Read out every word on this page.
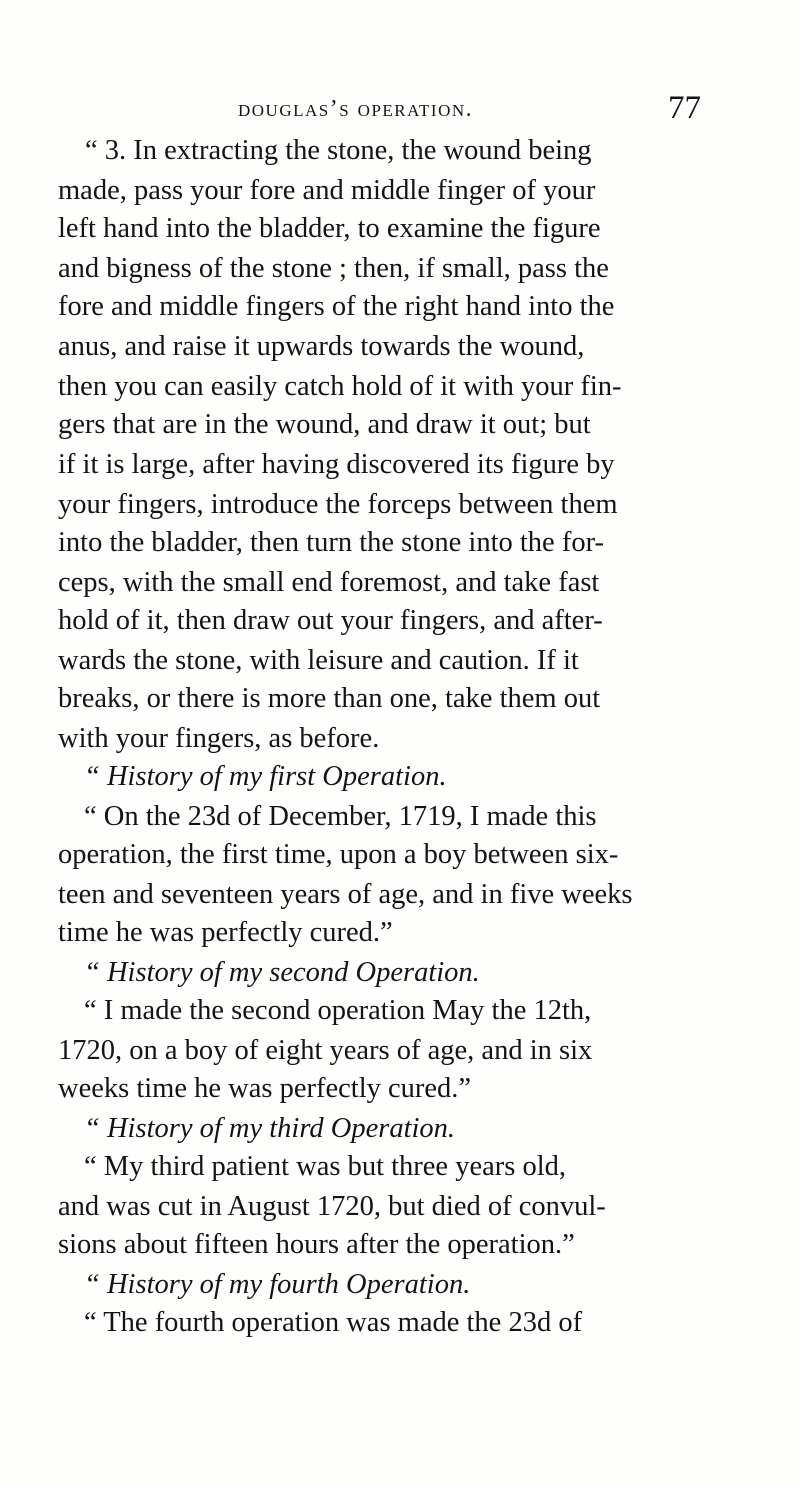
douglas’s operation.	77
“ 3. In extracting the stone, the wound being
made, pass your fore and middle finger of your
left hand into the bladder, to examine the figure
and bigness of the stone ; then, if small, pass the
fore and middle fingers of the right hand into the
anus, and raise it upwards towards the wound,
then you can easily catch hold of it with your fin-
gers that are in the wound, and draw it out; but
if it is large, after having discovered its figure by
your fingers, introduce the forceps between them
into the bladder, then turn the stone into the for-
ceps, with the small end foremost, and take fast
hold of it, then draw out your fingers, and after-
wards the stone, with leisure and caution. If it
breaks, or there is more than one, take them out
with your fingers, as before.
“ History of my first Operation.
“ On the 23d of December, 1719, I made this
operation, the first time, upon a boy between six-
teen and seventeen years of age, and in five weeks
time he was perfectly cured.”
“ History of my second Operation.
“ I made the second operation May the 12th,
1720, on a boy of eight years of age, and in six
weeks time he was perfectly cured.”
“ History of my third Operation.
“ My third patient was but three years old,
and was cut in August 1720, but died of convul-
sions about fifteen hours after the operation.”
“ History of my fourth Operation.
“ The fourth operation was made the 23d of
